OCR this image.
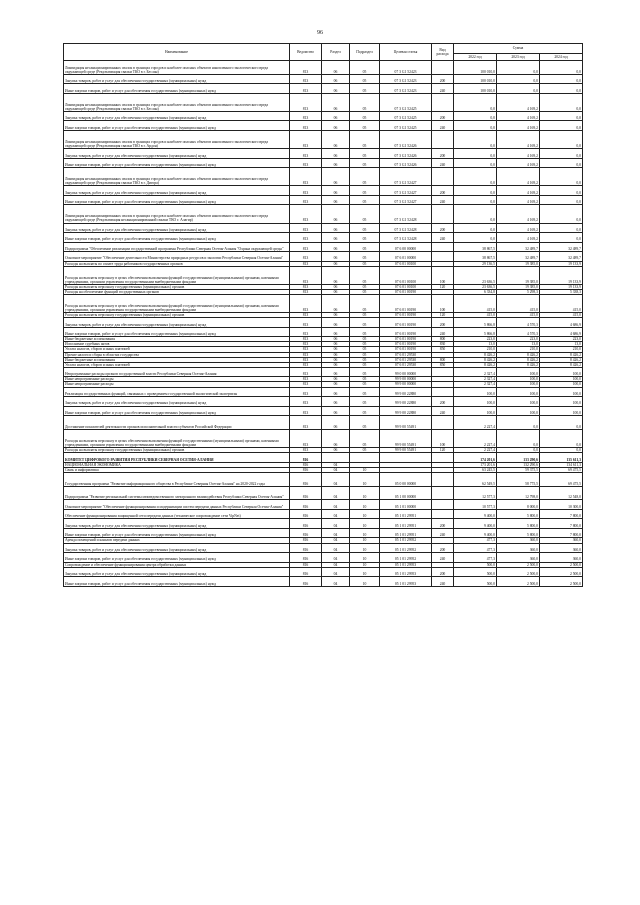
96
Наименование	Ведомство	Раздел	Подраздел	Целевая статья	Вид расхода	Сумма		
						2022 год	2023 год	2024 год
Ликвидация несанкционированных свалок в границах городов и наиболее опасных объектов накопленного экологического вреда окружающей среде (Рекультивация свалки ТКО в г. Беслан)	813	06	05	07 3 G1 52423		100 010,0	0,0	0,0
Закупка товаров, работ и услуг для обеспечения государственных (муниципальных) нужд	813	06	05	07 3 G1 52423	200	100 010,0	0,0	0,0
Иные закупки товаров, работ и услуг для обеспечения государственных (муниципальных) нужд	813	06	05	07 3 G1 52423	240	100 010,0	0,0	0,0
Ликвидация несанкционированных свалок в границах городов и наиболее опасных объектов накопленного экологического вреда окружающей среде (Рекультивация свалки ТКО в г. Беслан)	813	06	05	07 3 G1 52425		0,0	4 169,2	0,0
Закупка товаров, работ и услуг для обеспечения государственных (муниципальных) нужд	813	06	05	07 3 G1 52425	200	0,0	4 169,2	0,0
Иные закупки товаров, работ и услуг для обеспечения государственных (муниципальных) нужд	813	06	05	07 3 G1 52425	240	0,0	4 169,2	0,0
Ликвидация несанкционированных свалок в границах городов и наиболее опасных объектов накопленного экологического вреда окружающей среде (Рекультивация свалки ТКО в г. Ардон)	813	06	05	07 3 G1 52426		0,0	4 169,2	0,0
Закупка товаров, работ и услуг для обеспечения государственных (муниципальных) нужд	813	06	05	07 3 G1 52426	200	0,0	4 169,2	0,0
Иные закупки товаров, работ и услуг для обеспечения государственных (муниципальных) нужд	813	06	05	07 3 G1 52426	240	0,0	4 169,2	0,0
Ликвидация несанкционированных свалок в границах городов и наиболее опасных объектов накопленного экологического вреда окружающей среде (Рекультивация свалки ТКО в г. Дигора)	813	06	05	07 3 G1 52427		0,0	4 169,2	0,0
Закупка товаров, работ и услуг для обеспечения государственных (муниципальных) нужд	813	06	05	07 3 G1 52427	200	0,0	4 169,2	0,0
Иные закупки товаров, работ и услуг для обеспечения государственных (муниципальных) нужд	813	06	05	07 3 G1 52427	240	0,0	4 169,2	0,0
Ликвидация несанкционированных свалок в границах городов и наиболее опасных объектов накопленного экологического вреда окружающей среде (Рекультивация несанкционированной свалки ТКО г. Алагир)	813	06	05	07 3 G1 52428		0,0	4 169,2	0,0
Закупка товаров, работ и услуг для обеспечения государственных (муниципальных) нужд	813	06	05	07 3 G1 52428	200	0,0	4 169,2	0,0
Иные закупки товаров, работ и услуг для обеспечения государственных (муниципальных) нужд	813	06	05	07 3 G1 52428	240	0,0	4 169,2	0,0
Подпрограмма "Обеспечение реализации государственной программы Республики Северная Осетия-Алания "Охрана окружающей среды"	813	06	05	07 6 00 00000		38 867,5	32 489,7	32 489,7
Основное мероприятие "Обеспечение деятельности Министерства природных ресурсов и экологии Республики Северная Осетия-Алания"	813	06	05	07 6 01 00000		38 867,5	32 489,7	32 489,7
Расходы на выплаты по оплате труда работников государственных органов	813	06	05	07 6 01 00100		29 136,5	19 385,0	19 133,9
Расходы на выплаты персоналу в целях обеспечения выполнения функций государственными (муниципальными) органами, казенными учреждениями, органами управления государственными внебюджетными фондами	813	06	05	07 6 01 00100	100	23 636,5	19 385,0	19 133,9
Расходы на выплаты персоналу государственных (муниципальных) органов	813	06	05	07 6 01 00100	120	23 636,5	19 385,0	19 133,9
Расходы на обеспечение функций государственных органов	813	06	05	07 6 01 00190		6 334,8	5 298,3	5 338,3
Расходы на выплаты персоналу в целях обеспечения выполнения функций государственными (муниципальными) органами, казенными учреждениями, органами управления государственными внебюджетными фондами	813	06	05	07 6 01 00190	100	415,0	415,0	415,0
Расходы на выплаты персоналу государственных (муниципальных) органов	813	06	05	07 6 01 00190	120	415,0	415,0	415,0
Закупка товаров, работ и услуг для обеспечения государственных (муниципальных) нужд	813	06	05	07 6 01 00190	200	5 866,8	4 570,3	4 686,9
Иные закупки товаров, работ и услуг для обеспечения государственных (муниципальных) нужд	813	06	05	07 6 01 00190	240	5 866,8	4 570,3	4 686,9
Иные бюджетные ассигнования	813	06	05	07 6 01 00190	800	223,0	223,0	223,0
Исполнение судебных актов	813	06	05	07 6 01 00190	830	13,0	13,0	13,0
Уплата налогов, сборов и иных платежей	813	06	05	07 6 01 00190	850	210,0	210,0	210,0
Прочие налоги и сборы в областях государства	813	06	05	07 6 01 29530		8 426,2	8 426,2	8 426,2
Иные бюджетные ассигнования	813	06	05	07 6 01 29530	800	8 426,2	8 426,2	8 426,2
Уплата налогов, сборов и иных платежей	813	06	05	07 6 01 29530	850	8 426,2	8 426,2	8 426,2
Непрограммные расходы органов государственной власти Республики Северная Осетия-Алания	813	06	05	99 0 00 00000		2 327,4	100,0	100,0
Иные непрограммные расходы	813	06	05	99 9 00 00000		2 327,4	100,0	100,0
Иные непрограммные расходы	813	06	05	99 9 00 00000		2 327,4	100,0	100,0
Реализация государственных функций, связанных с проведением государственной экологической экспертизы	813	06	05	99 9 00 22880		100,0	100,0	100,0
Закупка товаров, работ и услуг для обеспечения государственных (муниципальных) нужд	813	06	05	99 9 00 22880	200	100,0	100,0	100,0
Иные закупки товаров, работ и услуг для обеспечения государственных (муниципальных) нужд	813	06	05	99 9 00 22880	240	100,0	100,0	100,0
Достижение показателей деятельности органов исполнительной власти субъектов Российской Федерации	813	06	05	99 9 00 55491		2 227,4	0,0	0,0
Расходы на выплаты персоналу в целях обеспечения выполнения функций государственными (муниципальными) органами, казенными учреждениями, органами управления государственными внебюджетными фондами	813	06	05	99 9 00 55491	100	2 227,4	0,0	0,0
Расходы на выплаты персоналу государственных (муниципальных) органов	813	06	05	99 9 00 55491	120	2 227,4	0,0	0,0
КОМИТЕТ ЦИФРОВОГО РАЗВИТИЯ РЕСПУБЛИКИ СЕВЕРНАЯ ОСЕТИЯ-АЛАНИЯ	816					174 201,6	133 290,6	135 611,3
НАЦИОНАЛЬНАЯ ЭКОНОМИКА	816	04				173 201,6	132 290,6	134 611,3
Связь и информатика	816	04	10			63 245,5	59 375,5	69 475,5
Государственная программа "Развитие информационного общества в Республике Северная Осетия-Алания" на 2020-2022 годы	816	04	10	05 0 00 00000		62 549,5	58 775,5	69 475,5
Подпрограмма "Развитие региональной системы межведомственного электронного взаимодействия Республики Северная Осетия-Алания"	816	04	10	05 1 00 00000		12 577,3	12 798,0	12 548,0
Основное мероприятие "Обеспечение функционирования и модернизации систем передачи данных Республики Северная Осетия-Алания"	816	04	10	05 1 01 00000		10 577,3	8 000,0	10 300,0
Обеспечение функционирования защищенной сети передачи данных (техническое сопровождение сети VipNet)	816	04	10	05 1 01 29951		9 400,0	5 800,0	7 800,0
Закупка товаров, работ и услуг для обеспечения государственных (муниципальных) нужд	816	04	10	05 1 01 29951	200	9 400,0	5 800,0	7 800,0
Иные закупки товаров, работ и услуг для обеспечения государственных (муниципальных) нужд	816	04	10	05 1 01 29951	240	9 400,0	5 800,0	7 800,0
Аренда помещений и каналов передачи данных	816	04	10	05 1 01 29952		477,3	360,0	360,0
Закупка товаров, работ и услуг для обеспечения государственных (муниципальных) нужд	816	04	10	05 1 01 29952	200	477,3	360,0	360,0
Иные закупки товаров, работ и услуг для обеспечения государственных (муниципальных) нужд	816	04	10	05 1 01 29952	240	477,3	360,0	360,0
Сопровождение и обеспечение функционирования центра обработки данных	816	04	10	05 1 01 29953		500,0	2 500,0	2 500,0
Закупка товаров, работ и услуг для обеспечения государственных (муниципальных) нужд	816	04	10	05 1 01 29953	200	500,0	2 500,0	2 500,0
Иные закупки товаров, работ и услуг для обеспечения государственных (муниципальных) нужд	816	04	10	05 1 01 29953	240	500,0	2 500,0	2 500,0
